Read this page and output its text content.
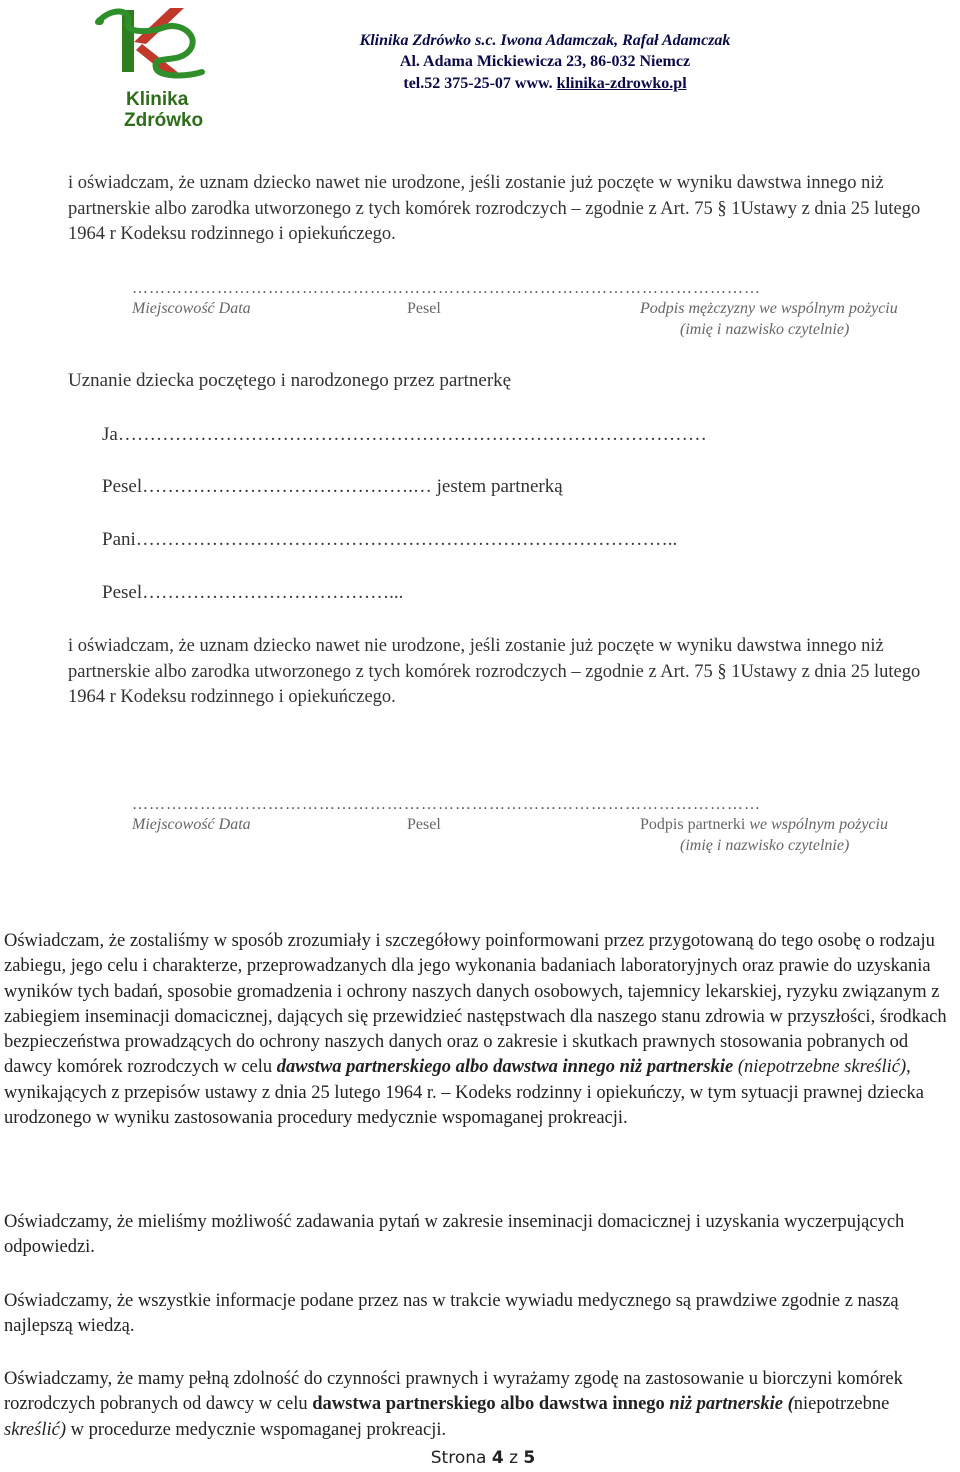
Klinika
Zdrówko
Klinika Zdrówko s.c. Iwona Adamczak, Rafał Adamczak
Al. Adama Mickiewicza 23, 86-032 Niemcz
tel.52 375-25-07 www. klinika-zdrowko.pl
i oświadczam, że uznam dziecko nawet nie urodzone, jeśli zostanie już poczęte w wyniku dawstwa innego niż partnerskie albo zarodka utworzonego z tych komórek rozrodczych – zgodnie z Art. 75 § 1Ustawy z dnia 25 lutego 1964 r Kodeksu rodzinnego i opiekuńczego.
…………………………………………………………………………………………………
Miejscowość Data	Pesel	Podpis mężczyzny we wspólnym pożyciu
(imię i nazwisko czytelnie)
Uznanie dziecka poczętego i narodzonego przez partnerkę
Ja…………………………………………………………………………………
Pesel…………………………………….… jestem partnerką
Pani…………………………………………………………………………..
Pesel…………………………………...
i oświadczam, że uznam dziecko nawet nie urodzone, jeśli zostanie już poczęte w wyniku dawstwa innego niż partnerskie albo zarodka utworzonego z tych komórek rozrodczych – zgodnie z Art. 75 § 1Ustawy z dnia 25 lutego 1964 r Kodeksu rodzinnego i opiekuńczego.
…………………………………………………………………………………………………
Miejscowość Data	Pesel	Podpis partnerki we wspólnym pożyciu
(imię i nazwisko czytelnie)
Oświadczam, że zostaliśmy w sposób zrozumiały i szczegółowy poinformowani przez przygotowaną do tego osobę o rodzaju zabiegu, jego celu i charakterze, przeprowadzanych dla jego wykonania badaniach laboratoryjnych oraz prawie do uzyskania wyników tych badań, sposobie gromadzenia i ochrony naszych danych osobowych, tajemnicy lekarskiej, ryzyku związanym z zabiegiem inseminacji domacicznej, dających się przewidzieć następstwach dla naszego stanu zdrowia w przyszłości, środkach bezpieczeństwa prowadzących do ochrony naszych danych oraz o zakresie i skutkach prawnych stosowania pobranych od dawcy komórek rozrodczych w celu dawstwa partnerskiego albo dawstwa innego niż partnerskie (niepotrzebne skreślić), wynikających z przepisów ustawy z dnia 25 lutego 1964 r. – Kodeks rodzinny i opiekuńczy, w tym sytuacji prawnej dziecka urodzonego w wyniku zastosowania procedury medycznie wspomaganej prokreacji.
Oświadczamy, że mieliśmy możliwość zadawania pytań w zakresie inseminacji domacicznej i uzyskania wyczerpujących odpowiedzi.
Oświadczamy, że wszystkie informacje podane przez nas w trakcie wywiadu medycznego są prawdziwe zgodnie z naszą najlepszą wiedzą.
Oświadczamy, że mamy pełną zdolność do czynności prawnych i wyrażamy zgodę na zastosowanie u biorczyni komórek rozrodczych pobranych od dawcy w celu dawstwa partnerskiego albo dawstwa innego niż partnerskie (niepotrzebne skreślić) w procedurze medycznie wspomaganej prokreacji.
Strona 4 z 5
